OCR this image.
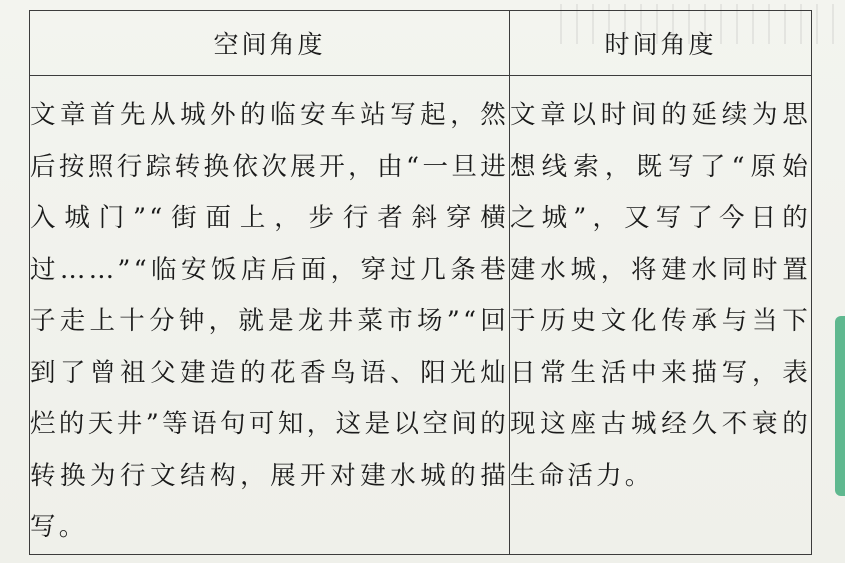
空间角度	时间角度
文章首先从城外的临安车站写起，然后按照行踪转换依次展开，由“一旦进入城门”“街面上，步行者斜穿横过……”“临安饭店后面，穿过几条巷子走上十分钟，就是龙井菜市场”“回到了曾祖父建造的花香鸟语、阳光灿烂的天井”等语句可知，这是以空间的转换为行文结构，展开对建水城的描写。	文章以时间的延续为思想线索，既写了“原始之城”，又写了今日的建水城，将建水同时置于历史文化传承与当下日常生活中来描写，表现这座古城经久不衰的生命活力。
